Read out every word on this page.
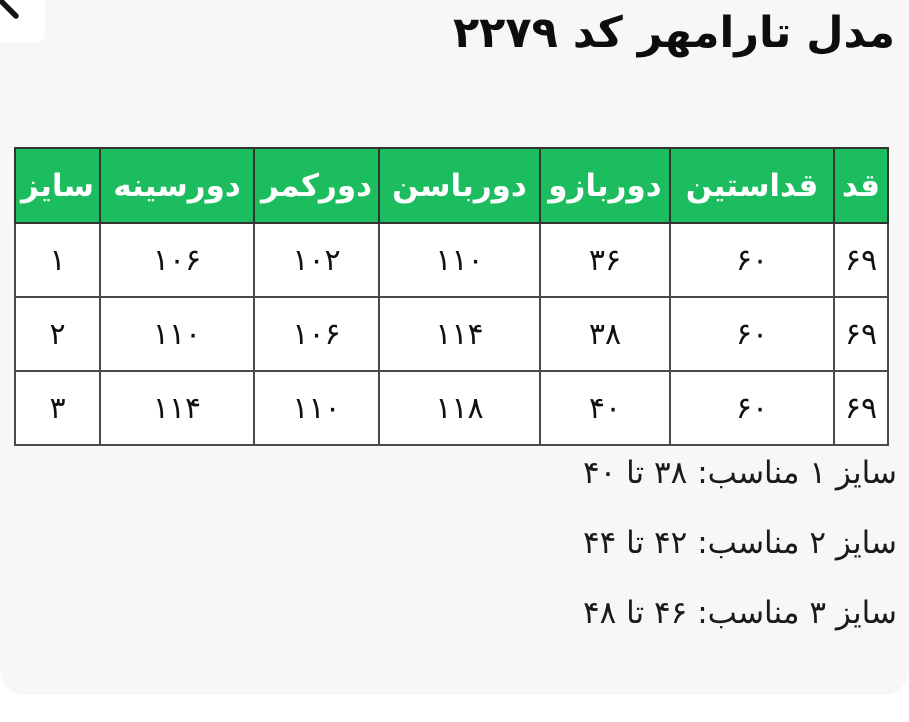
مدل تارامهر کد ۲۲۷۹
قد	قداستین	دوربازو	دورباسن	دورکمر	دورسینه	سایز
۶۹	۶۰	۳۶	۱۱۰	۱۰۲	۱۰۶	۱
۶۹	۶۰	۳۸	۱۱۴	۱۰۶	۱۱۰	۲
۶۹	۶۰	۴۰	۱۱۸	۱۱۰	۱۱۴	۳
سایز ۱ مناسب: ۳۸ تا ۴۰
سایز ۲ مناسب: ۴۲ تا ۴۴
سایز ۳ مناسب: ۴۶ تا ۴۸
